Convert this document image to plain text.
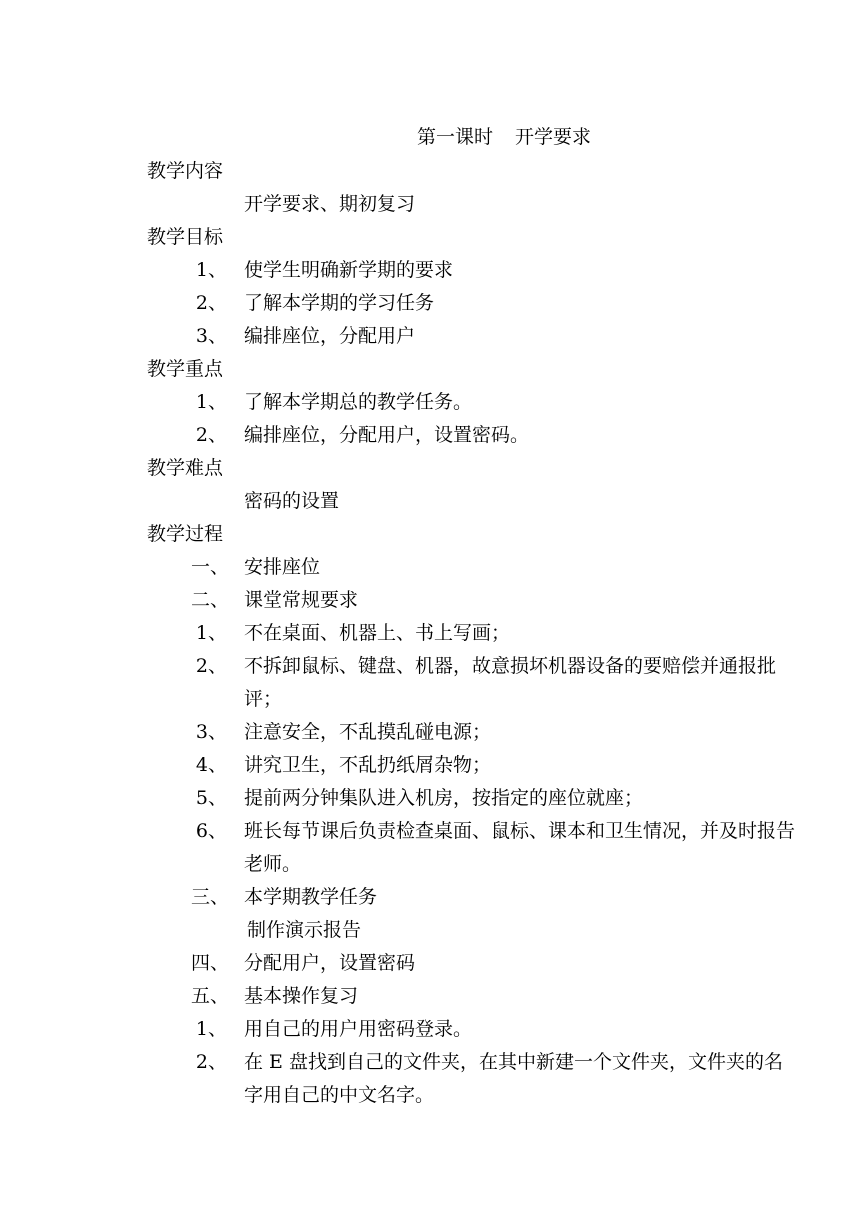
第一课时 开学要求
教学内容
开学要求、期初复习
教学目标
1、 使学生明确新学期的要求
2、 了解本学期的学习任务
3、 编排座位，分配用户
教学重点
1、 了解本学期总的教学任务。
2、 编排座位，分配用户，设置密码。
教学难点
密码的设置
教学过程
一、 安排座位
二、 课堂常规要求
1、 不在桌面、机器上、书上写画；
2、 不拆卸鼠标、键盘、机器，故意损坏机器设备的要赔偿并通报批评；
3、 注意安全，不乱摸乱碰电源；
4、 讲究卫生，不乱扔纸屑杂物；
5、 提前两分钟集队进入机房，按指定的座位就座；
6、 班长每节课后负责检查桌面、鼠标、课本和卫生情况，并及时报告老师。
三、 本学期教学任务
制作演示报告
四、 分配用户，设置密码
五、 基本操作复习
1、 用自己的用户用密码登录。
2、 在 E 盘找到自己的文件夹，在其中新建一个文件夹，文件夹的名字用自己的中文名字。
